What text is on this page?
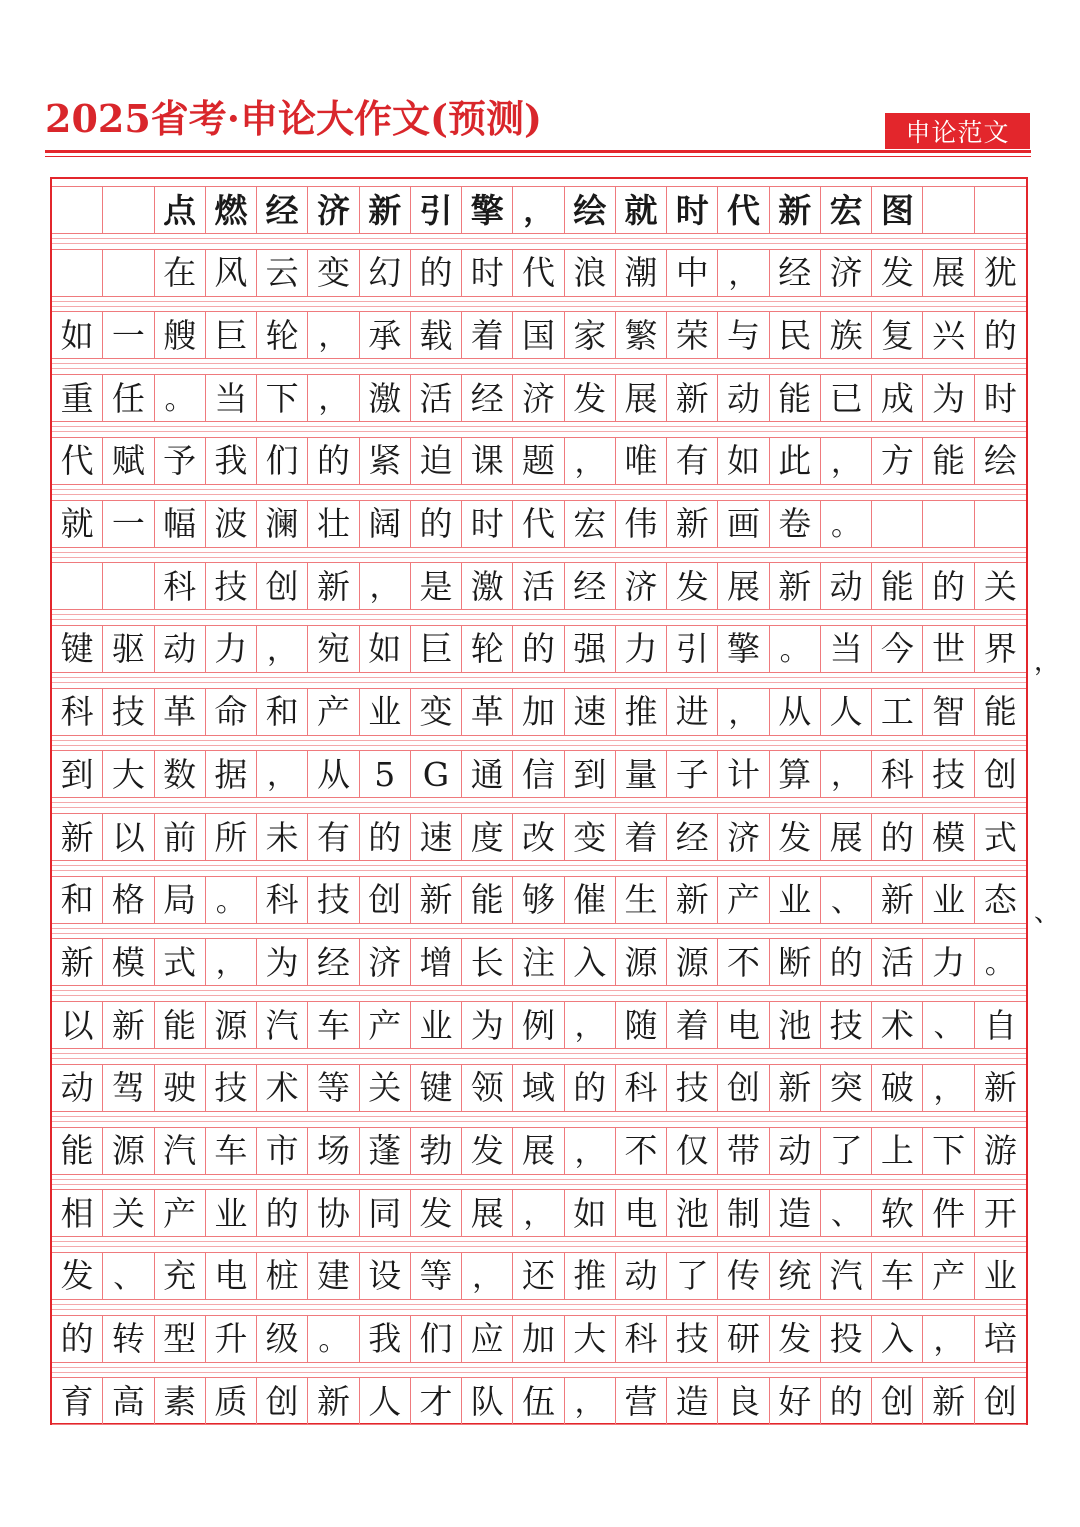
2025省考·申论大作文(预测)	申论范文
点 燃 经 济 新 引 擎 ， 绘 就 时 代 新 宏 图
在 风 云 变 幻 的 时 代 浪 潮 中 ， 经 济 发 展 犹
如 一 艘 巨 轮 ， 承 载 着 国 家 繁 荣 与 民 族 复 兴 的
重 任 。 当 下 ， 激 活 经 济 发 展 新 动 能 已 成 为 时
代 赋 予 我 们 的 紧 迫 课 题 ， 唯 有 如 此 ， 方 能 绘
就 一 幅 波 澜 壮 阔 的 时 代 宏 伟 新 画 卷 。
科 技 创 新 ， 是 激 活 经 济 发 展 新 动 能 的 关
键 驱 动 力 ， 宛 如 巨 轮 的 强 力 引 擎 。 当 今 世 界
科 技 革 命 和 产 业 变 革 加 速 推 进 ， 从 人 工 智 能
到 大 数 据 ， 从 5 G 通 信 到 量 子 计 算 ， 科 技 创
新 以 前 所 未 有 的 速 度 改 变 着 经 济 发 展 的 模 式
和 格 局 。 科 技 创 新 能 够 催 生 新 产 业 、 新 业 态
新 模 式 ， 为 经 济 增 长 注 入 源 源 不 断 的 活 力 。
以 新 能 源 汽 车 产 业 为 例 ， 随 着 电 池 技 术 、 自
动 驾 驶 技 术 等 关 键 领 域 的 科 技 创 新 突 破 ， 新
能 源 汽 车 市 场 蓬 勃 发 展 ， 不 仅 带 动 了 上 下 游
相 关 产 业 的 协 同 发 展 ， 如 电 池 制 造 、 软 件 开
发 、 充 电 桩 建 设 等 ， 还 推 动 了 传 统 汽 车 产 业
的 转 型 升 级 。 我 们 应 加 大 科 技 研 发 投 入 ， 培
育 高 素 质 创 新 人 才 队 伍 ， 营 造 良 好 的 创 新 创
，
、
